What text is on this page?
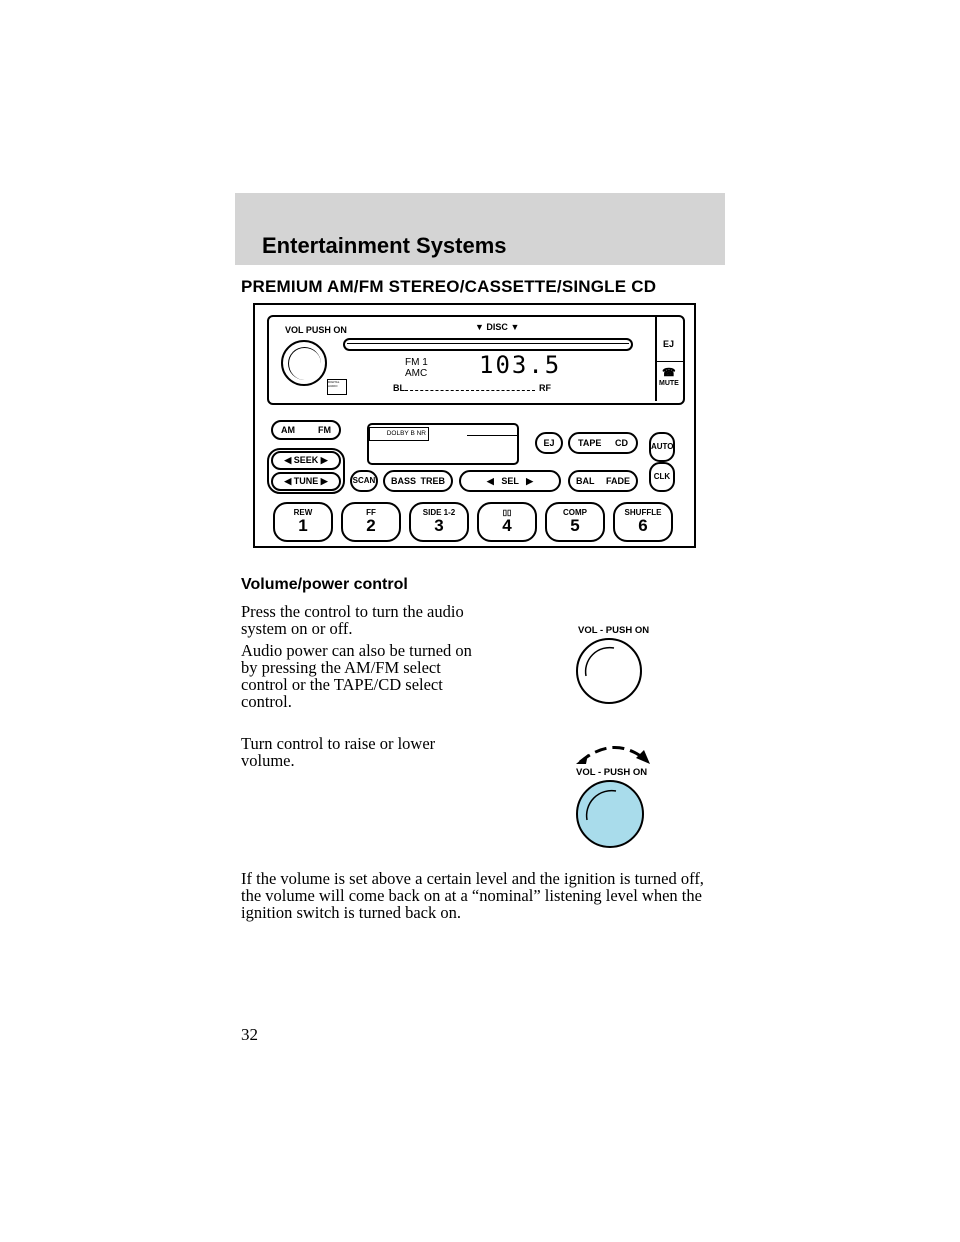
Entertainment Systems
PREMIUM AM/FM STEREO/CASSETTE/SINGLE CD
VOL PUSH ON	▼ DISC ▼
EJ
☎
MUTE
FM 1
AMC 103.5
BL	RF
DIGITAL AUDIO
AM	FM
◀ SEEK ▶
◀ TUNE ▶
DOLBY B NR
EJ	TAPE CD	AUTO
CLK
SCAN BASS TREB	◀   SEL   ▶	BAL FADE
REW
1
FF
2
SIDE 1-2
3
▯▯
4
COMP
5
SHUFFLE
6
Volume/power control
Press the control to turn the audio system on or off.
Audio power can also be turned on by pressing the AM/FM select control or the TAPE/CD select control.
Turn control to raise or lower volume.
If the volume is set above a certain level and the ignition is turned off, the volume will come back on at a “nominal” listening level when the ignition switch is turned back on.
VOL - PUSH ON
VOL - PUSH ON
32
